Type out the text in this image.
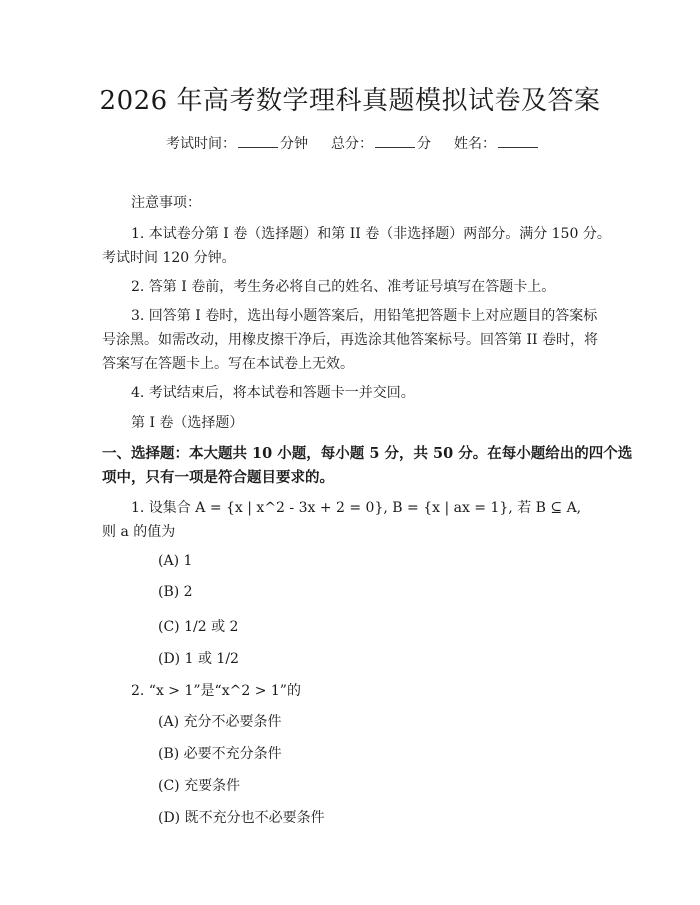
2026 年高考数学理科真题模拟试卷及答案
考试时间：	分钟 总分：	分 姓名：
注意事项：
1. 本试卷分第 I 卷（选择题）和第 II 卷（非选择题）两部分。满分 150 分。
考试时间 120 分钟。
2. 答第 I 卷前，考生务必将自己的姓名、准考证号填写在答题卡上。
3. 回答第 I 卷时，选出每小题答案后，用铅笔把答题卡上对应题目的答案标
号涂黑。如需改动，用橡皮擦干净后，再选涂其他答案标号。回答第 II 卷时，将
答案写在答题卡上。写在本试卷上无效。
4. 考试结束后，将本试卷和答题卡一并交回。
第 I 卷（选择题）
一、选择题：本大题共 10 小题，每小题 5 分，共 50 分。在每小题给出的四个选
项中，只有一项是符合题目要求的。
1. 设集合 A = {x | x^2 - 3x + 2 = 0}, B = {x | ax = 1}, 若 B ⊆ A,
则 a 的值为
(A) 1
(B) 2
(C) 1/2 或 2
(D) 1 或 1/2
2. “x > 1”是“x^2 > 1”的
(A) 充分不必要条件
(B) 必要不充分条件
(C) 充要条件
(D) 既不充分也不必要条件
